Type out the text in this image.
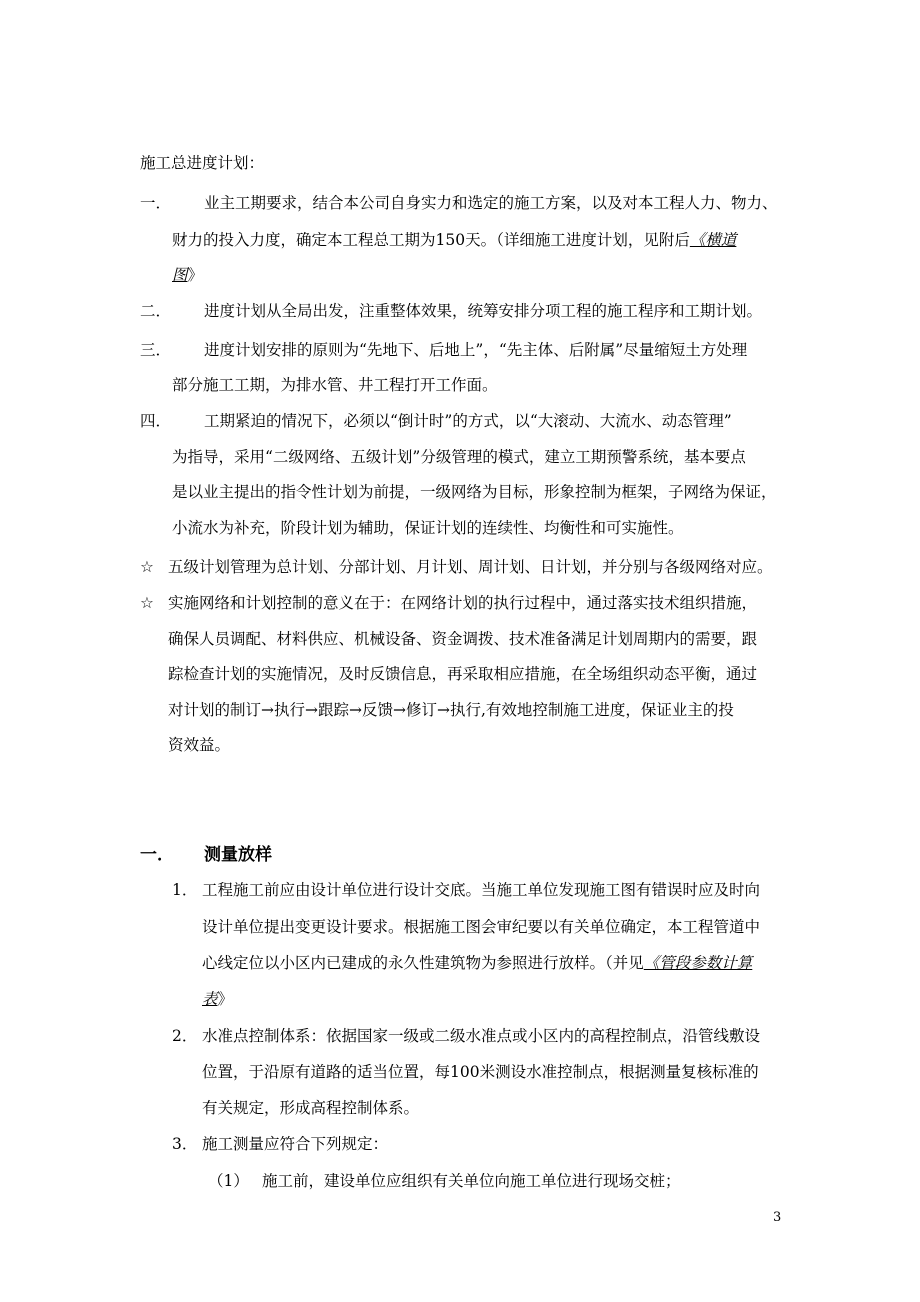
施工总进度计划：
一． 业主工期要求，结合本公司自身实力和选定的施工方案，以及对本工程人力、物力、
财力的投入力度，确定本工程总工期为150天。（详细施工进度计划，见附后《横道
图》
二． 进度计划从全局出发，注重整体效果，统筹安排分项工程的施工程序和工期计划。
三． 进度计划安排的原则为“先地下、后地上”，“先主体、后附属”尽量缩短土方处理
部分施工工期，为排水管、井工程打开工作面。
四． 工期紧迫的情况下，必须以“倒计时”的方式，以“大滚动、大流水、动态管理”
为指导，采用“二级网络、五级计划”分级管理的模式，建立工期预警系统，基本要点
是以业主提出的指令性计划为前提，一级网络为目标，形象控制为框架，子网络为保证，
小流水为补充，阶段计划为辅助，保证计划的连续性、均衡性和可实施性。
☆ 五级计划管理为总计划、分部计划、月计划、周计划、日计划，并分别与各级网络对应。
☆ 实施网络和计划控制的意义在于：在网络计划的执行过程中，通过落实技术组织措施，
确保人员调配、材料供应、机械设备、资金调拨、技术准备满足计划周期内的需要，跟
踪检查计划的实施情况，及时反馈信息，再采取相应措施，在全场组织动态平衡，通过
对计划的制订→执行→跟踪→反馈→修订→执行,有效地控制施工进度，保证业主的投
资效益。
一． 测量放样
1． 工程施工前应由设计单位进行设计交底。当施工单位发现施工图有错误时应及时向
设计单位提出变更设计要求。根据施工图会审纪要以有关单位确定，本工程管道中
心线定位以小区内已建成的永久性建筑物为参照进行放样。（并见《管段参数计算
表》
2． 水准点控制体系：依据国家一级或二级水准点或小区内的高程控制点，沿管线敷设
位置，于沿原有道路的适当位置，每100米测设水准控制点，根据测量复核标准的
有关规定，形成高程控制体系。
3． 施工测量应符合下列规定：
（1） 施工前，建设单位应组织有关单位向施工单位进行现场交桩；
3
